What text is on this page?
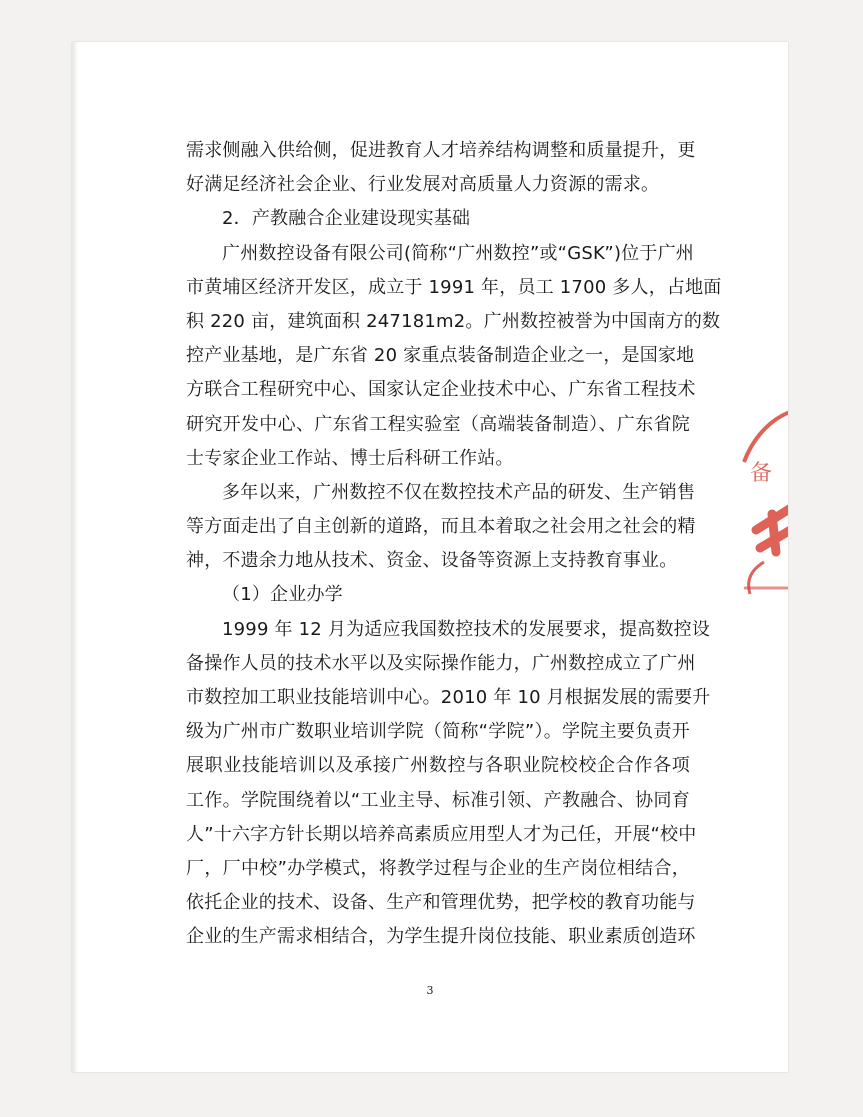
需求侧融入供给侧，促进教育人才培养结构调整和质量提升，更
好满足经济社会企业、行业发展对高质量人力资源的需求。
2．产教融合企业建设现实基础
广州数控设备有限公司(简称“广州数控”或“GSK”)位于广州
市黄埔区经济开发区，成立于 1991 年，员工 1700 多人，占地面
积 220 亩，建筑面积 247181m2。广州数控被誉为中国南方的数
控产业基地，是广东省 20 家重点装备制造企业之一，是国家地
方联合工程研究中心、国家认定企业技术中心、广东省工程技术
研究开发中心、广东省工程实验室（高端装备制造）、广东省院
士专家企业工作站、博士后科研工作站。
多年以来，广州数控不仅在数控技术产品的研发、生产销售
等方面走出了自主创新的道路，而且本着取之社会用之社会的精
神，不遗余力地从技术、资金、设备等资源上支持教育事业。
（1）企业办学
1999 年 12 月为适应我国数控技术的发展要求，提高数控设
备操作人员的技术水平以及实际操作能力，广州数控成立了广州
市数控加工职业技能培训中心。2010 年 10 月根据发展的需要升
级为广州市广数职业培训学院（简称“学院”）。学院主要负责开
展职业技能培训以及承接广州数控与各职业院校校企合作各项
工作。学院围绕着以“工业主导、标准引领、产教融合、协同育
人”十六字方针长期以培养高素质应用型人才为己任，开展“校中
厂，厂中校”办学模式，将教学过程与企业的生产岗位相结合，
依托企业的技术、设备、生产和管理优势，把学校的教育功能与
企业的生产需求相结合，为学生提升岗位技能、职业素质创造环
3
备
